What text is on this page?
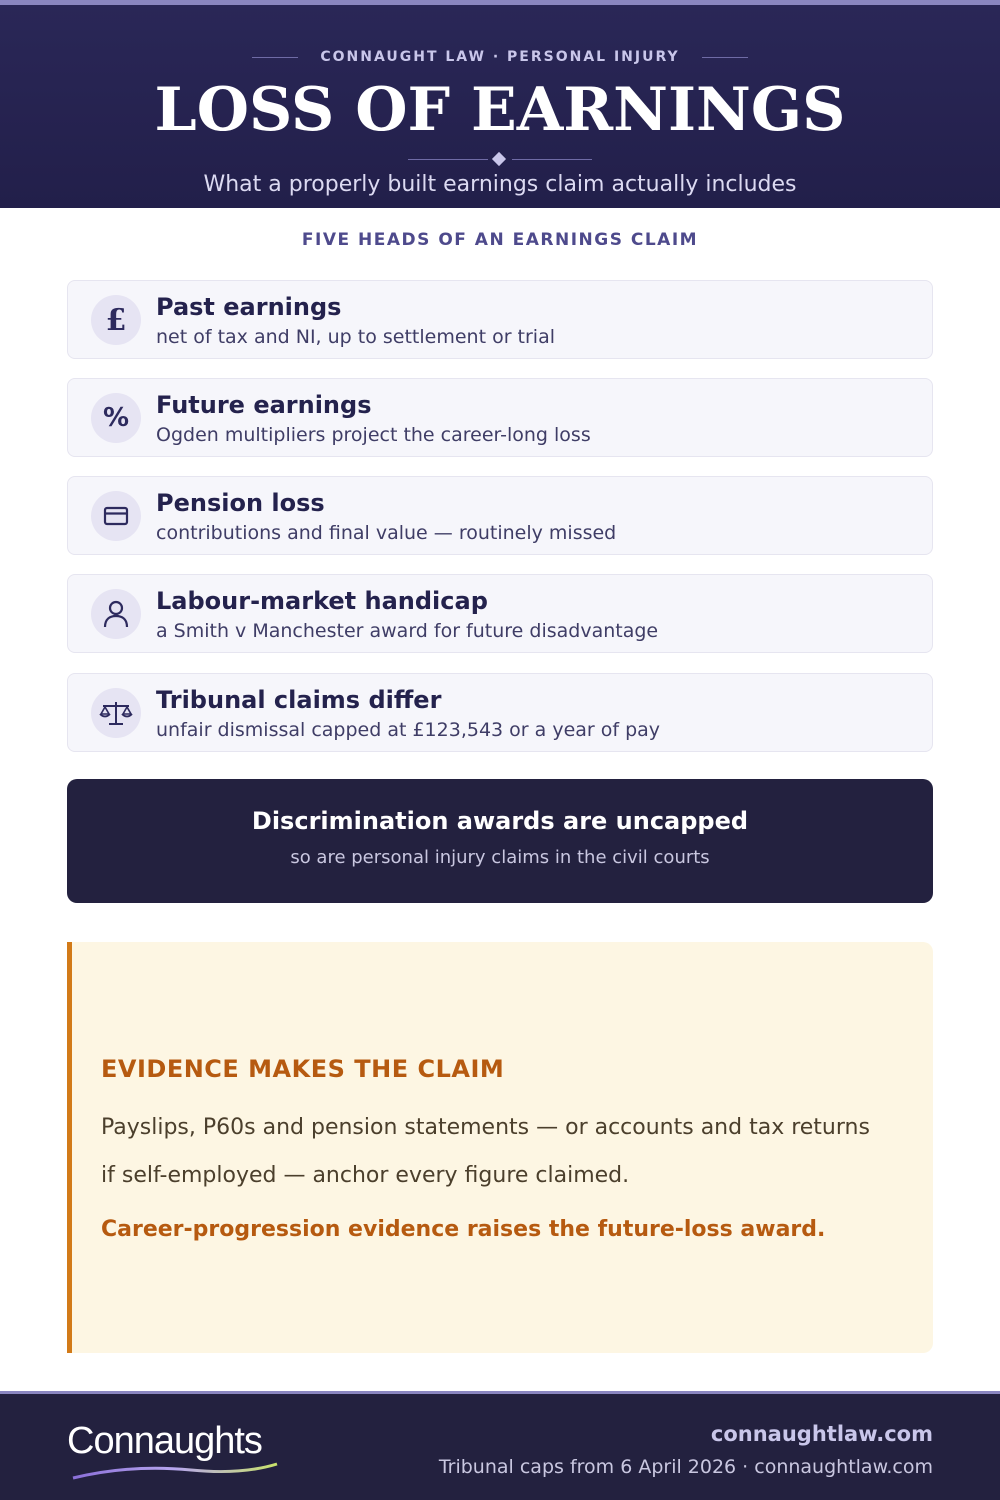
CONNAUGHT LAW · PERSONAL INJURY
LOSS OF EARNINGS
What a properly built earnings claim actually includes
FIVE HEADS OF AN EARNINGS CLAIM
£ Past earnings
net of tax and NI, up to settlement or trial
% Future earnings
Ogden multipliers project the career-long loss
Pension loss
contributions and final value — routinely missed
Labour-market handicap
a Smith v Manchester award for future disadvantage
Tribunal claims differ
unfair dismissal capped at £123,543 or a year of pay
Discrimination awards are uncapped
so are personal injury claims in the civil courts
EVIDENCE MAKES THE CLAIM
Payslips, P60s and pension statements — or accounts and tax returns if self-employed — anchor every figure claimed.
Career-progression evidence raises the future-loss award.
Connaughts	connaughtlaw.com
Tribunal caps from 6 April 2026 · connaughtlaw.com
